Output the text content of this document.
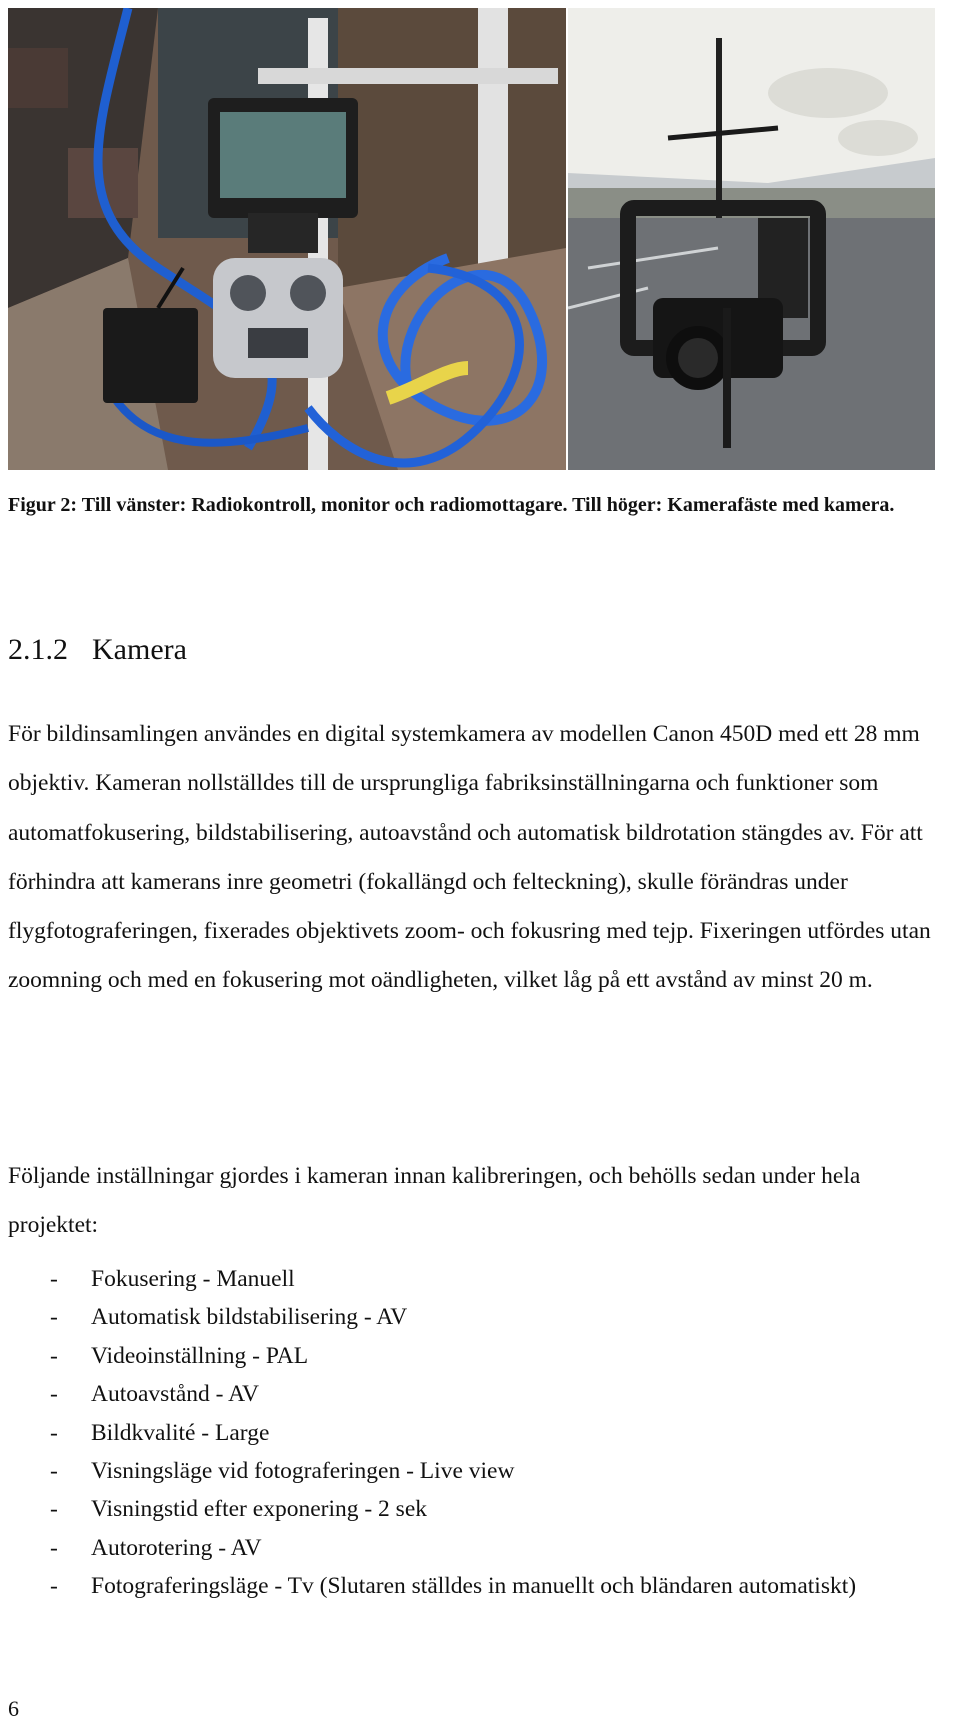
Figur 2: Till vänster: Radiokontroll, monitor och radiomottagare. Till höger: Kamerafäste med kamera.
2.1.2 Kamera
För bildinsamlingen användes en digital systemkamera av modellen Canon 450D med ett 28 mm objektiv. Kameran nollställdes till de ursprungliga fabriksinställningarna och funktioner som automatfokusering, bildstabilisering, autoavstånd och automatisk bildrotation stängdes av. För att förhindra att kamerans inre geometri (fokallängd och felteckning), skulle förändras under flygfotograferingen, fixerades objektivets zoom- och fokusring med tejp. Fixeringen utfördes utan zoomning och med en fokusering mot oändligheten, vilket låg på ett avstånd av minst 20 m.
Följande inställningar gjordes i kameran innan kalibreringen, och behölls sedan under hela projektet:
- Fokusering - Manuell
- Automatisk bildstabilisering - AV
- Videoinställning - PAL
- Autoavstånd - AV
- Bildkvalité - Large
- Visningsläge vid fotograferingen - Live view
- Visningstid efter exponering - 2 sek
- Autorotering - AV
- Fotograferingsläge - Tv (Slutaren ställdes in manuellt och bländaren automatiskt)
6
